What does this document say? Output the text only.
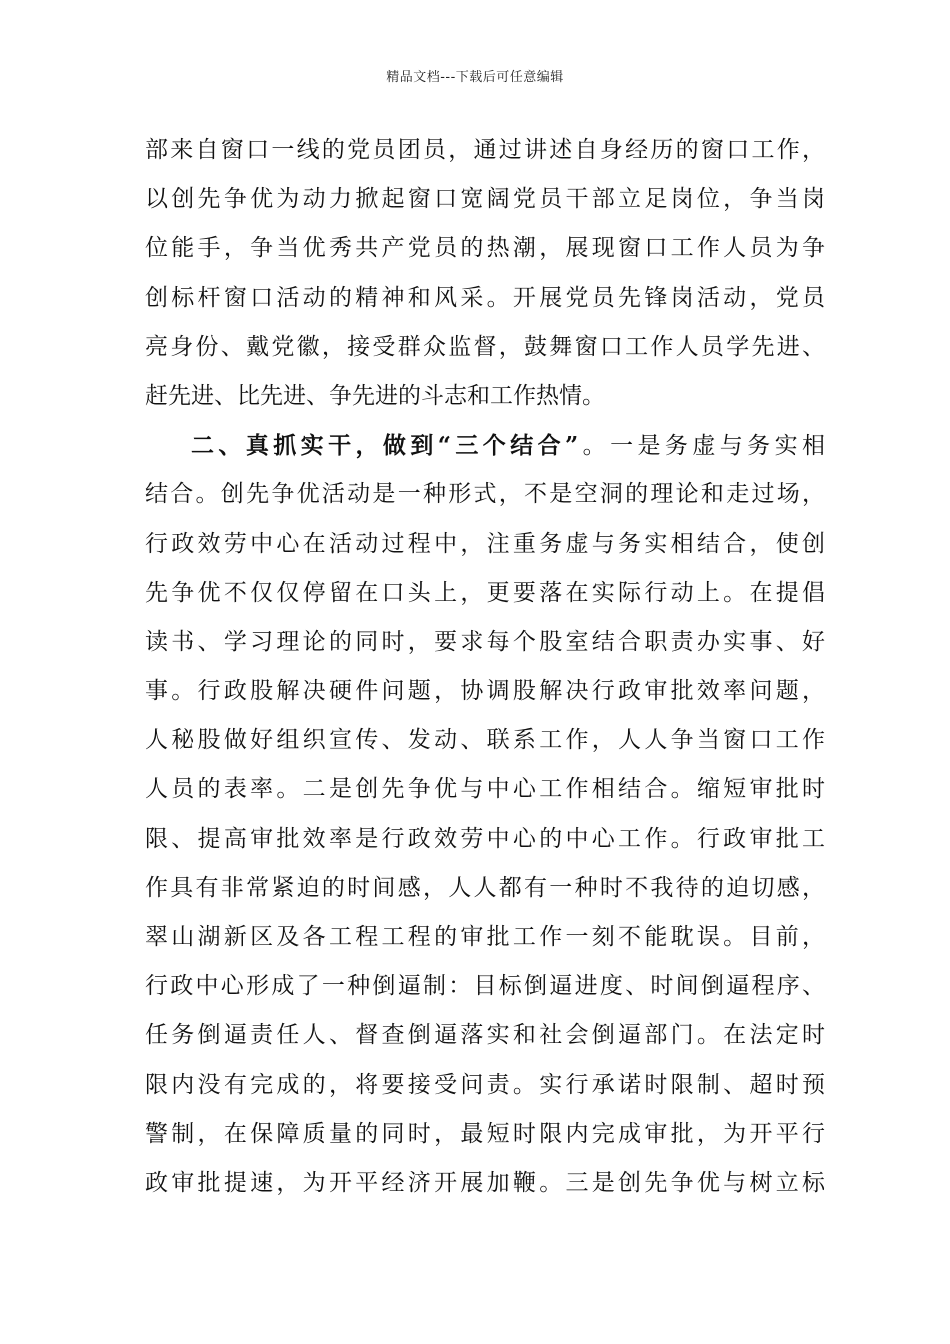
精品文档---下载后可任意编辑
部来自窗口一线的党员团员，通过讲述自身经历的窗口工作，
以创先争优为动力掀起窗口宽阔党员干部立足岗位，争当岗
位能手，争当优秀共产党员的热潮，展现窗口工作人员为争
创标杆窗口活动的精神和风采。开展党员先锋岗活动，党员
亮身份、戴党徽，接受群众监督，鼓舞窗口工作人员学先进、
赶先进、比先进、争先进的斗志和工作热情。
二、真抓实干，做到“三个结合”。一是务虚与务实相
结合。创先争优活动是一种形式，不是空洞的理论和走过场，
行政效劳中心在活动过程中，注重务虚与务实相结合，使创
先争优不仅仅停留在口头上，更要落在实际行动上。在提倡
读书、学习理论的同时，要求每个股室结合职责办实事、好
事。行政股解决硬件问题，协调股解决行政审批效率问题，
人秘股做好组织宣传、发动、联系工作，人人争当窗口工作
人员的表率。二是创先争优与中心工作相结合。缩短审批时
限、提高审批效率是行政效劳中心的中心工作。行政审批工
作具有非常紧迫的时间感，人人都有一种时不我待的迫切感，
翠山湖新区及各工程工程的审批工作一刻不能耽误。目前，
行政中心形成了一种倒逼制：目标倒逼进度、时间倒逼程序、
任务倒逼责任人、督查倒逼落实和社会倒逼部门。在法定时
限内没有完成的，将要接受问责。实行承诺时限制、超时预
警制，在保障质量的同时，最短时限内完成审批，为开平行
政审批提速，为开平经济开展加鞭。三是创先争优与树立标
